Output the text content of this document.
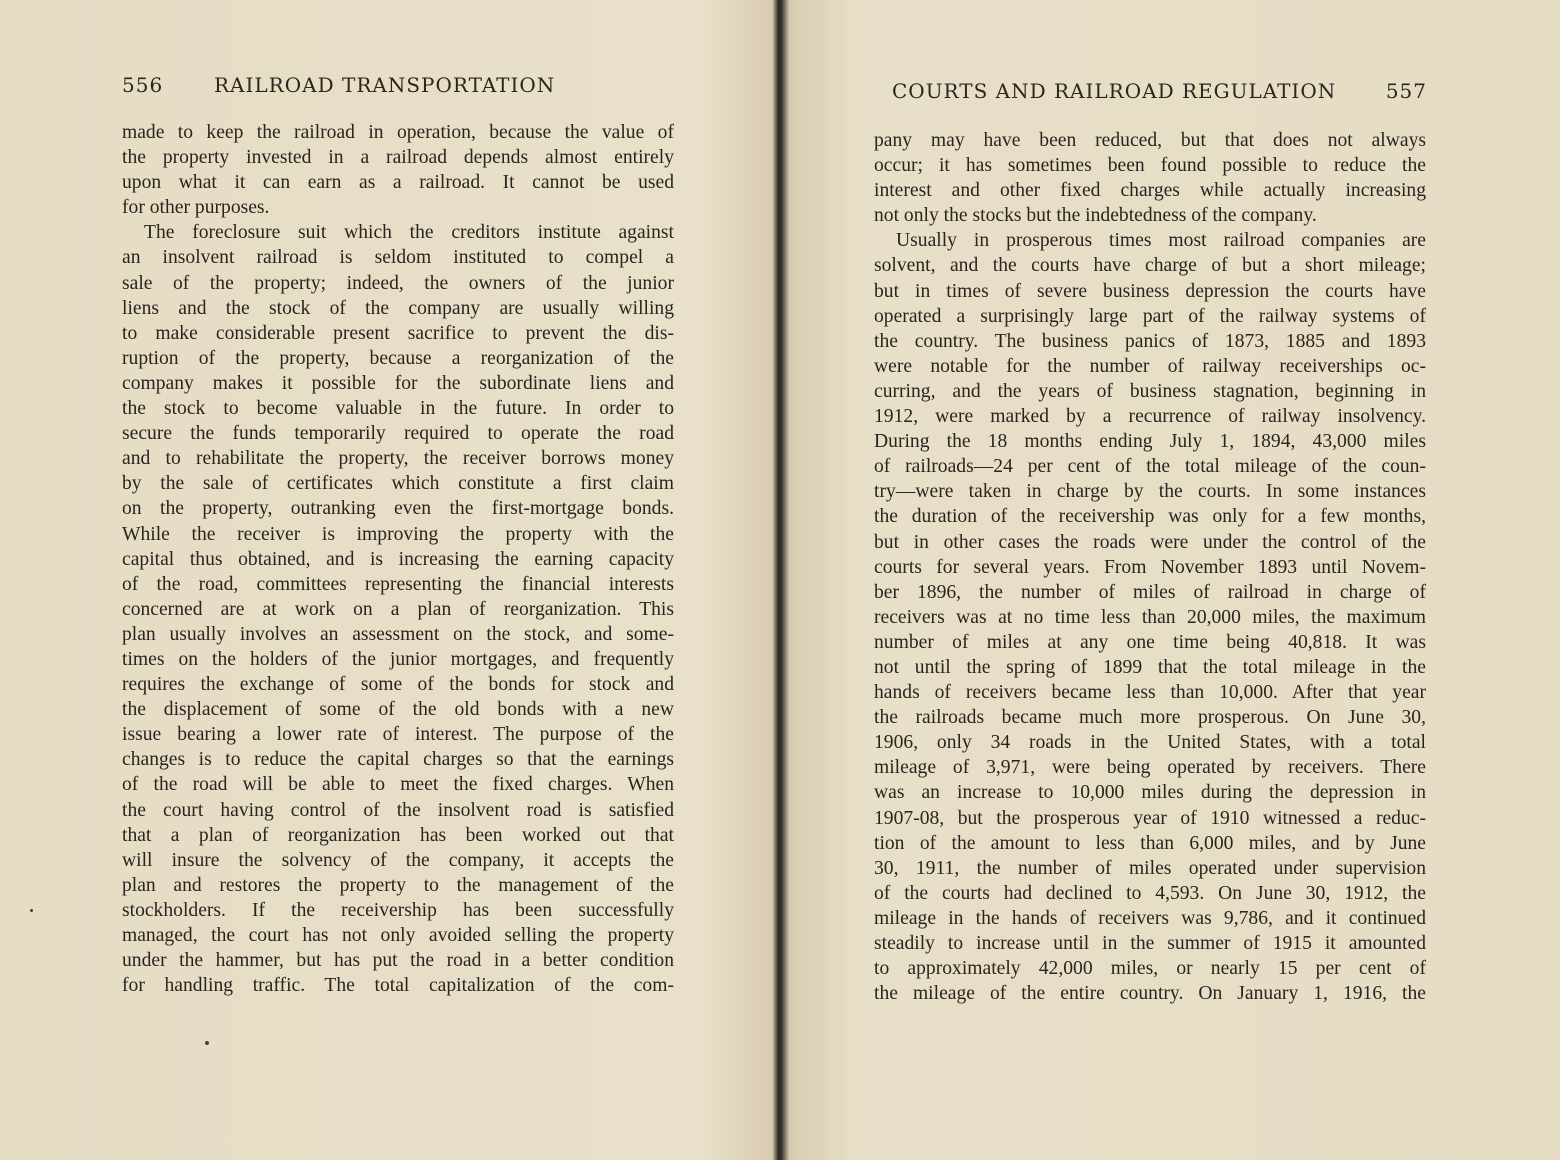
556	RAILROAD TRANSPORTATION
made to keep the railroad in operation, because the value of
the property invested in a railroad depends almost entirely
upon what it can earn as a railroad. It cannot be used
for other purposes.
The foreclosure suit which the creditors institute against
an insolvent railroad is seldom instituted to compel a
sale of the property; indeed, the owners of the junior
liens and the stock of the company are usually willing
to make considerable present sacrifice to prevent the dis-
ruption of the property, because a reorganization of the
company makes it possible for the subordinate liens and
the stock to become valuable in the future. In order to
secure the funds temporarily required to operate the road
and to rehabilitate the property, the receiver borrows money
by the sale of certificates which constitute a first claim
on the property, outranking even the first-mortgage bonds.
While the receiver is improving the property with the
capital thus obtained, and is increasing the earning capacity
of the road, committees representing the financial interests
concerned are at work on a plan of reorganization. This
plan usually involves an assessment on the stock, and some-
times on the holders of the junior mortgages, and frequently
requires the exchange of some of the bonds for stock and
the displacement of some of the old bonds with a new
issue bearing a lower rate of interest. The purpose of the
changes is to reduce the capital charges so that the earnings
of the road will be able to meet the fixed charges. When
the court having control of the insolvent road is satisfied
that a plan of reorganization has been worked out that
will insure the solvency of the company, it accepts the
plan and restores the property to the management of the
stockholders. If the receivership has been successfully
managed, the court has not only avoided selling the property
under the hammer, but has put the road in a better condition
for handling traffic. The total capitalization of the com-
COURTS AND RAILROAD REGULATION 557
pany may have been reduced, but that does not always
occur; it has sometimes been found possible to reduce the
interest and other fixed charges while actually increasing
not only the stocks but the indebtedness of the company.
Usually in prosperous times most railroad companies are
solvent, and the courts have charge of but a short mileage;
but in times of severe business depression the courts have
operated a surprisingly large part of the railway systems of
the country. The business panics of 1873, 1885 and 1893
were notable for the number of railway receiverships oc-
curring, and the years of business stagnation, beginning in
1912, were marked by a recurrence of railway insolvency.
During the 18 months ending July 1, 1894, 43,000 miles
of railroads—24 per cent of the total mileage of the coun-
try—were taken in charge by the courts. In some instances
the duration of the receivership was only for a few months,
but in other cases the roads were under the control of the
courts for several years. From November 1893 until Novem-
ber 1896, the number of miles of railroad in charge of
receivers was at no time less than 20,000 miles, the maximum
number of miles at any one time being 40,818. It was
not until the spring of 1899 that the total mileage in the
hands of receivers became less than 10,000. After that year
the railroads became much more prosperous. On June 30,
1906, only 34 roads in the United States, with a total
mileage of 3,971, were being operated by receivers. There
was an increase to 10,000 miles during the depression in
1907-08, but the prosperous year of 1910 witnessed a reduc-
tion of the amount to less than 6,000 miles, and by June
30, 1911, the number of miles operated under supervision
of the courts had declined to 4,593. On June 30, 1912, the
mileage in the hands of receivers was 9,786, and it continued
steadily to increase until in the summer of 1915 it amounted
to approximately 42,000 miles, or nearly 15 per cent of
the mileage of the entire country. On January 1, 1916, the
